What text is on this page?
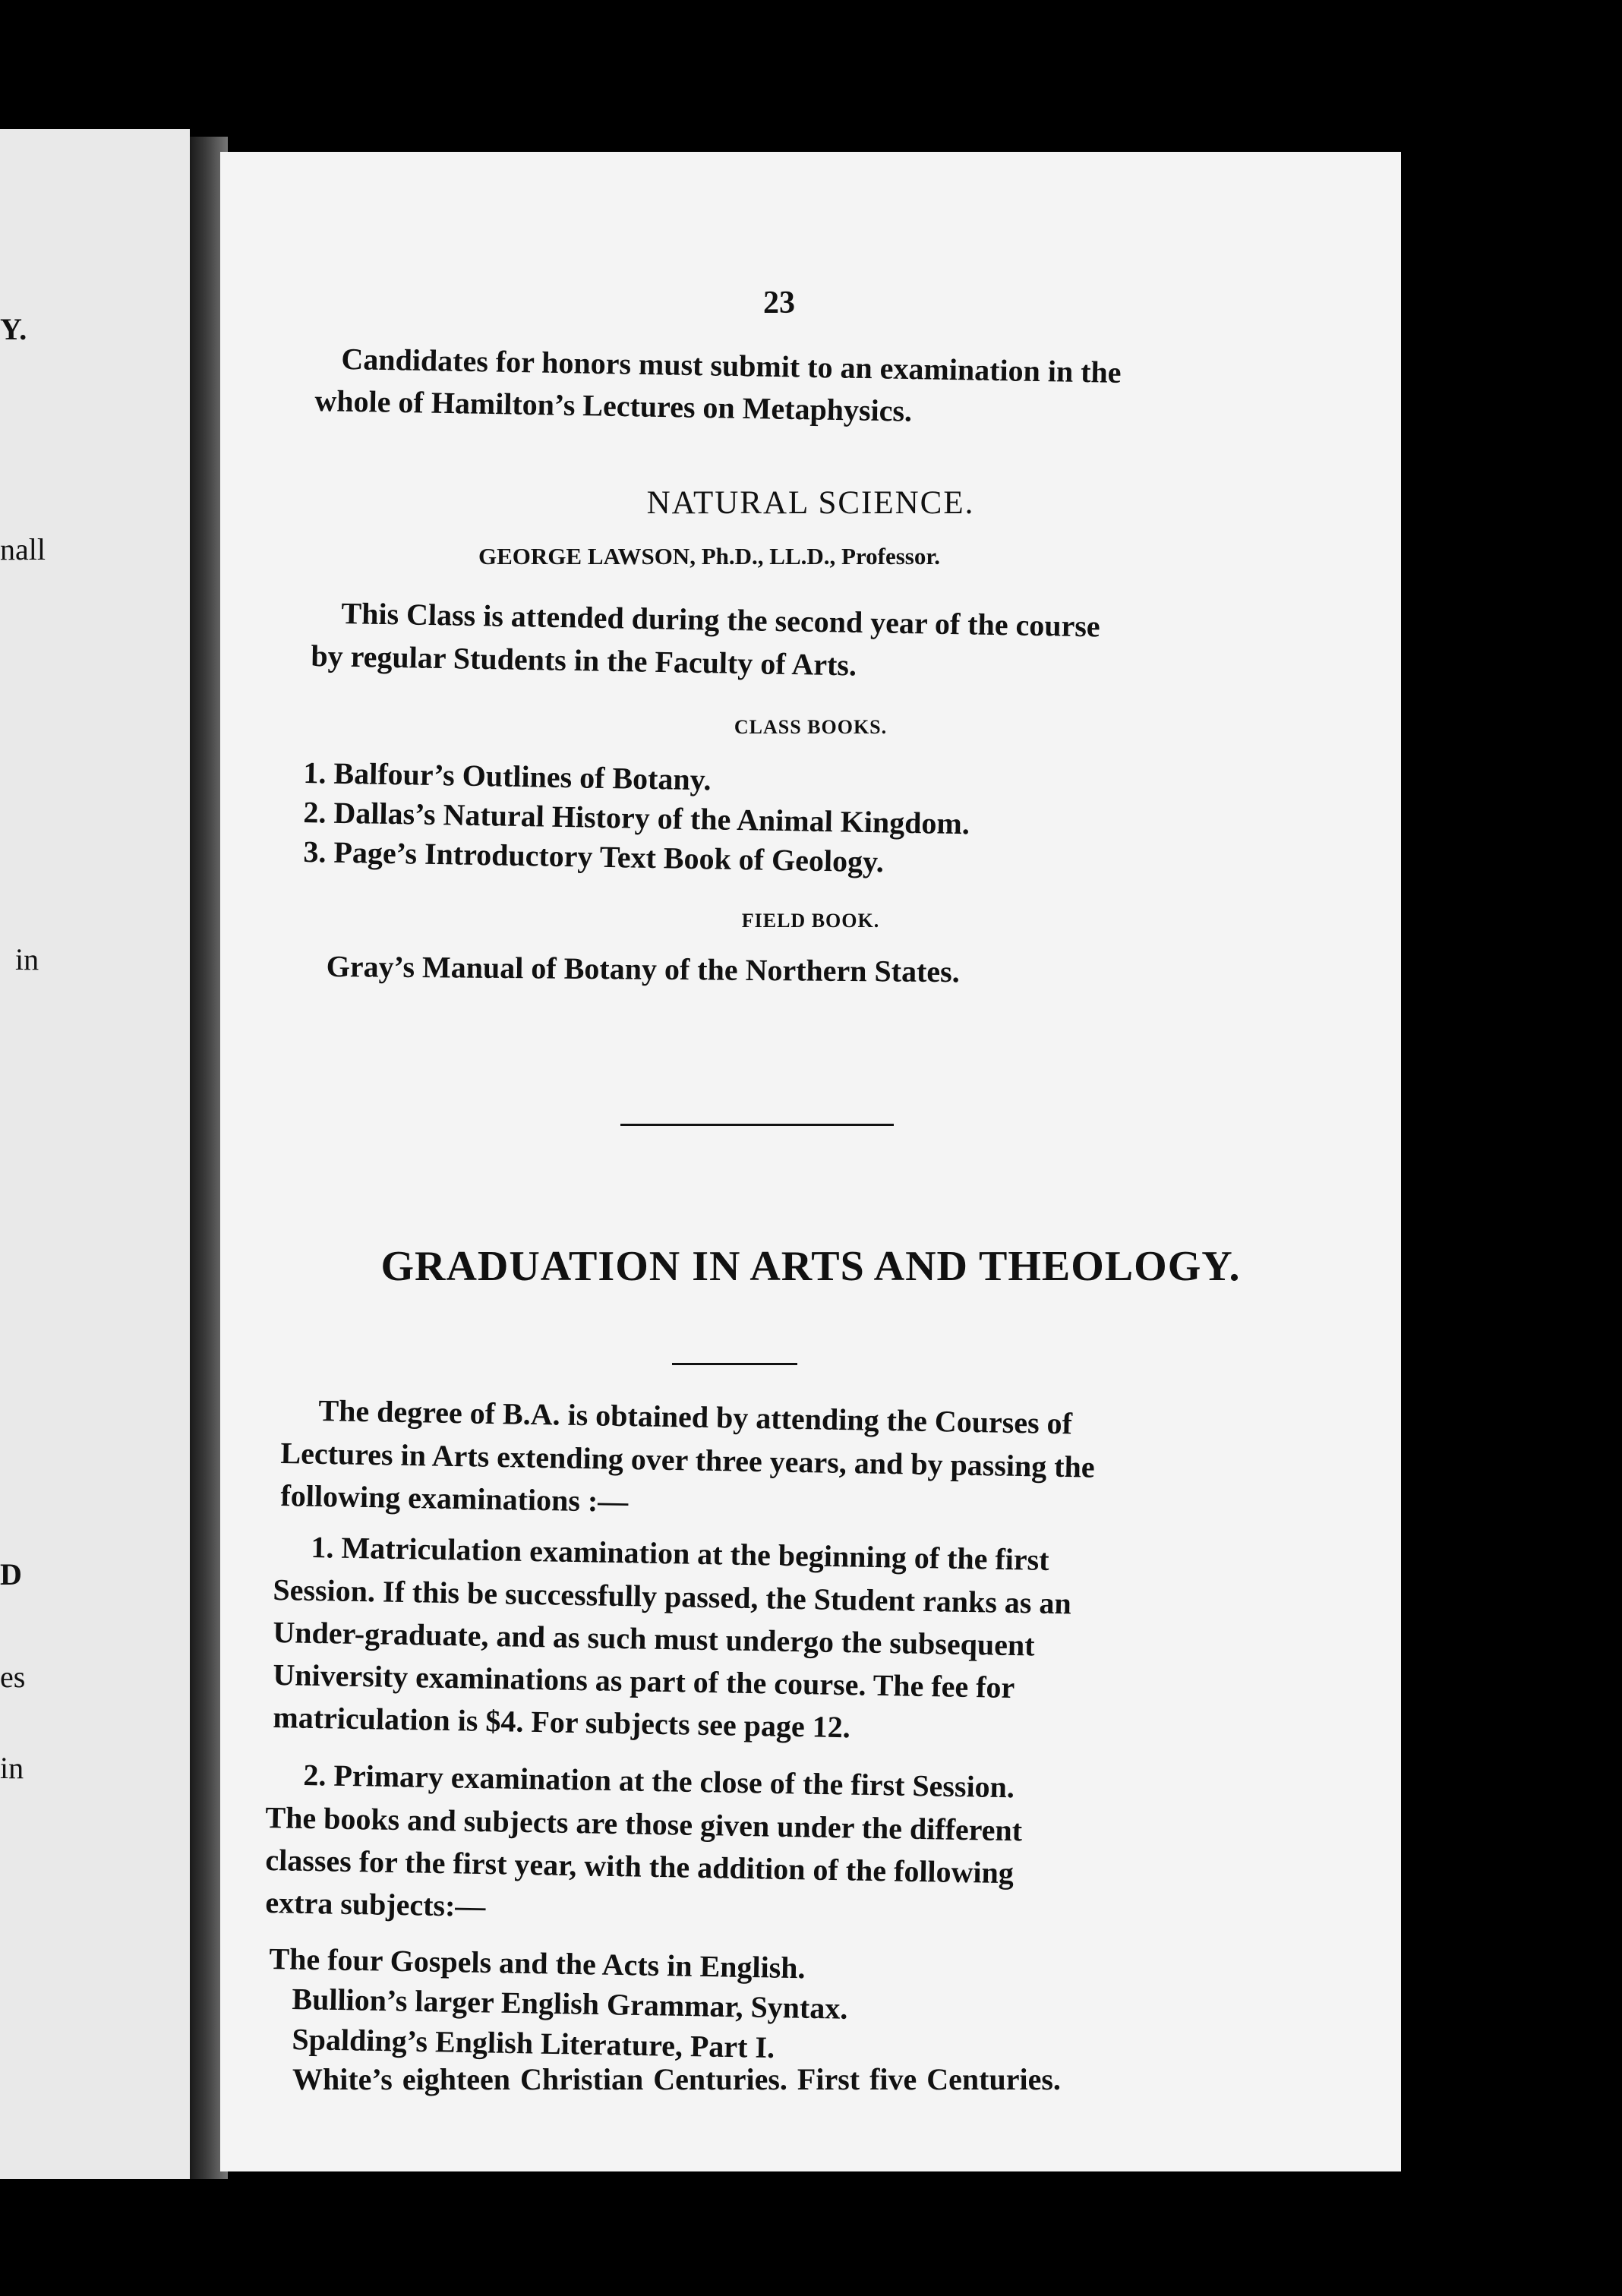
Y.
nall
in
D
es
in
23
Candidates for honors must submit to an examination in the
whole of Hamilton’s Lectures on Metaphysics.
NATURAL SCIENCE.
GEORGE LAWSON, Ph.D., LL.D., Professor.
This Class is attended during the second year of the course
by regular Students in the Faculty of Arts.
CLASS BOOKS.
1. Balfour’s Outlines of Botany.
2. Dallas’s Natural History of the Animal Kingdom.
3. Page’s Introductory Text Book of Geology.
FIELD BOOK.
Gray’s Manual of Botany of the Northern States.
GRADUATION IN ARTS AND THEOLOGY.
The degree of B.A. is obtained by attending the Courses of
Lectures in Arts extending over three years, and by passing the
following examinations :—
1. Matriculation examination at the beginning of the first
Session. If this be successfully passed, the Student ranks as an
Under-graduate, and as such must undergo the subsequent
University examinations as part of the course. The fee for
matriculation is $4. For subjects see page 12.
2. Primary examination at the close of the first Session.
The books and subjects are those given under the different
classes for the first year, with the addition of the following
extra subjects:—
The four Gospels and the Acts in English.
Bullion’s larger English Grammar, Syntax.
Spalding’s English Literature, Part I.
White’s eighteen Christian Centuries. First five Centuries.
